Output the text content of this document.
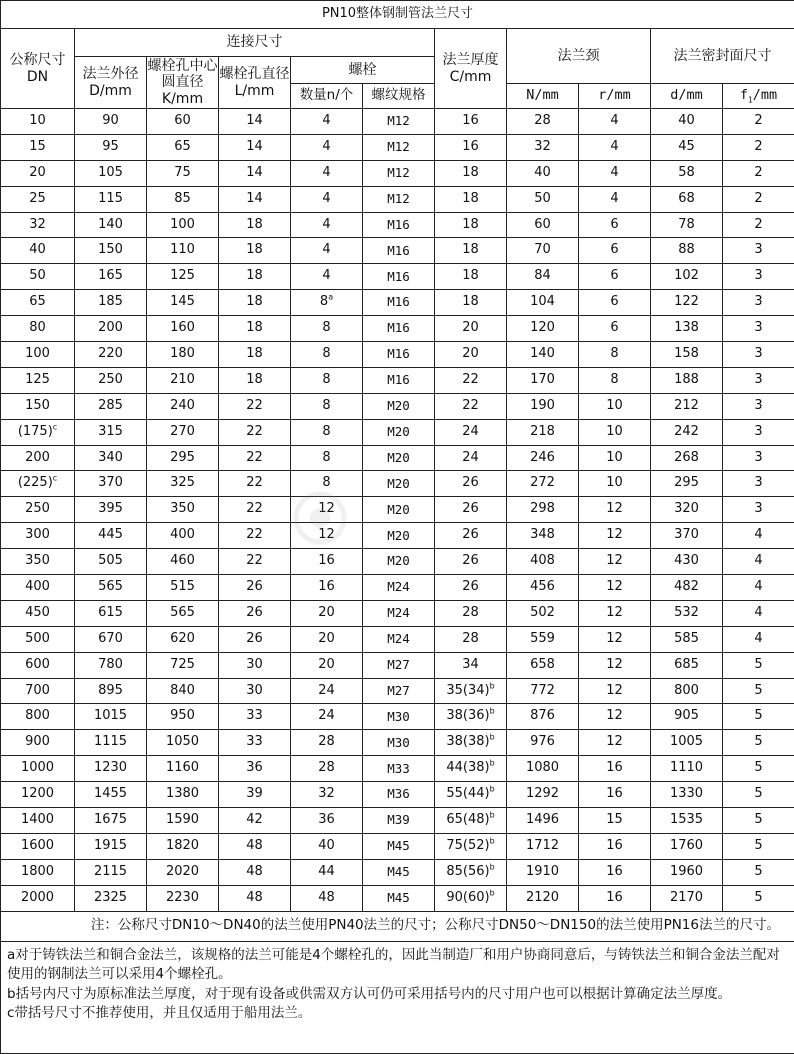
PN10整体钢制管法兰尺寸										
公称尺寸DN	连接尺寸					法兰厚度C/mm	法兰颈		法兰密封面尺寸	
	法兰外径D/mm	螺栓孔中心圆直径K/mm	螺栓孔直径 L/mm	螺栓						
				数量n/个	螺纹规格		N/mm	r/mm	d/mm	$f_1/mm$
10	90	60	14	4	M12	16	28	4	40	2
15	95	65	14	4	M12	16	32	4	45	2
20	105	75	14	4	M12	18	40	4	58	2
25	115	85	14	4	M12	18	50	4	68	2
32	140	100	18	4	M16	18	60	6	78	2
40	150	110	18	4	M16	18	70	6	88	3
50	165	125	18	4	M16	18	84	6	102	3
65	185	145	18	8$^a$	M16	18	104	6	122	3
80	200	160	18	8	M16	20	120	6	138	3
100	220	180	18	8	M16	20	140	8	158	3
125	250	210	18	8	M16	22	170	8	188	3
150	285	240	22	8	M20	22	190	10	212	3
$(175)^c$	315	270	22	8	M20	24	218	10	242	3
200	340	295	22	8	M20	24	246	10	268	3
$(225)^c$	370	325	22	8	M20	26	272	10	295	3
250	395	350	22	12	M20	26	298	12	320	3
300	445	400	22	12	M20	26	348	12	370	4
350	505	460	22	16	M20	26	408	12	430	4
400	565	515	26	16	M24	26	456	12	482	4
450	615	565	26	20	M24	28	502	12	532	4
500	670	620	26	20	M24	28	559	12	585	4
600	780	725	30	20	M27	34	658	12	685	5
700	895	840	30	24	M27	$35(34)^b$	772	12	800	5
800	1015	950	33	24	M30	$38(36)^b$	876	12	905	5
900	1115	1050	33	28	M30	$38(38)^b$	976	12	1005	5
1000	1230	1160	36	28	M33	$44(38)^b$	1080	16	1110	5
1200	1455	1380	39	32	M36	$55(44)^b$	1292	16	1330	5
1400	1675	1590	42	36	M39	$65(48)^b$	1496	15	1535	5
1600	1915	1820	48	40	M45	$75(52)^b$	1712	16	1760	5
1800	2115	2020	48	44	M45	$85(56)^b$	1910	16	1960	5
2000	2325	2230	48	48	M45	$90(60)^b$	2120	16	2170	5
注：公称尺寸DN10～DN40的法兰使用PN40法兰的尺寸；公称尺寸DN50～DN150的法兰使用PN16法兰的尺寸。										

a对于铸铁法兰和铜合金法兰，该规格的法兰可能是4个螺栓孔的，因此当制造厂和用户协商同意后，与铸铁法兰和铜合金法兰配对使用的钢制法兰可以采用4个螺栓孔。
b括号内尺寸为原标准法兰厚度，对于现有设备或供需双方认可仍可采用括号内的尺寸用户也可以根据计算确定法兰厚度。
c带括号尺寸不推荐使用，并且仅适用于船用法兰。										
